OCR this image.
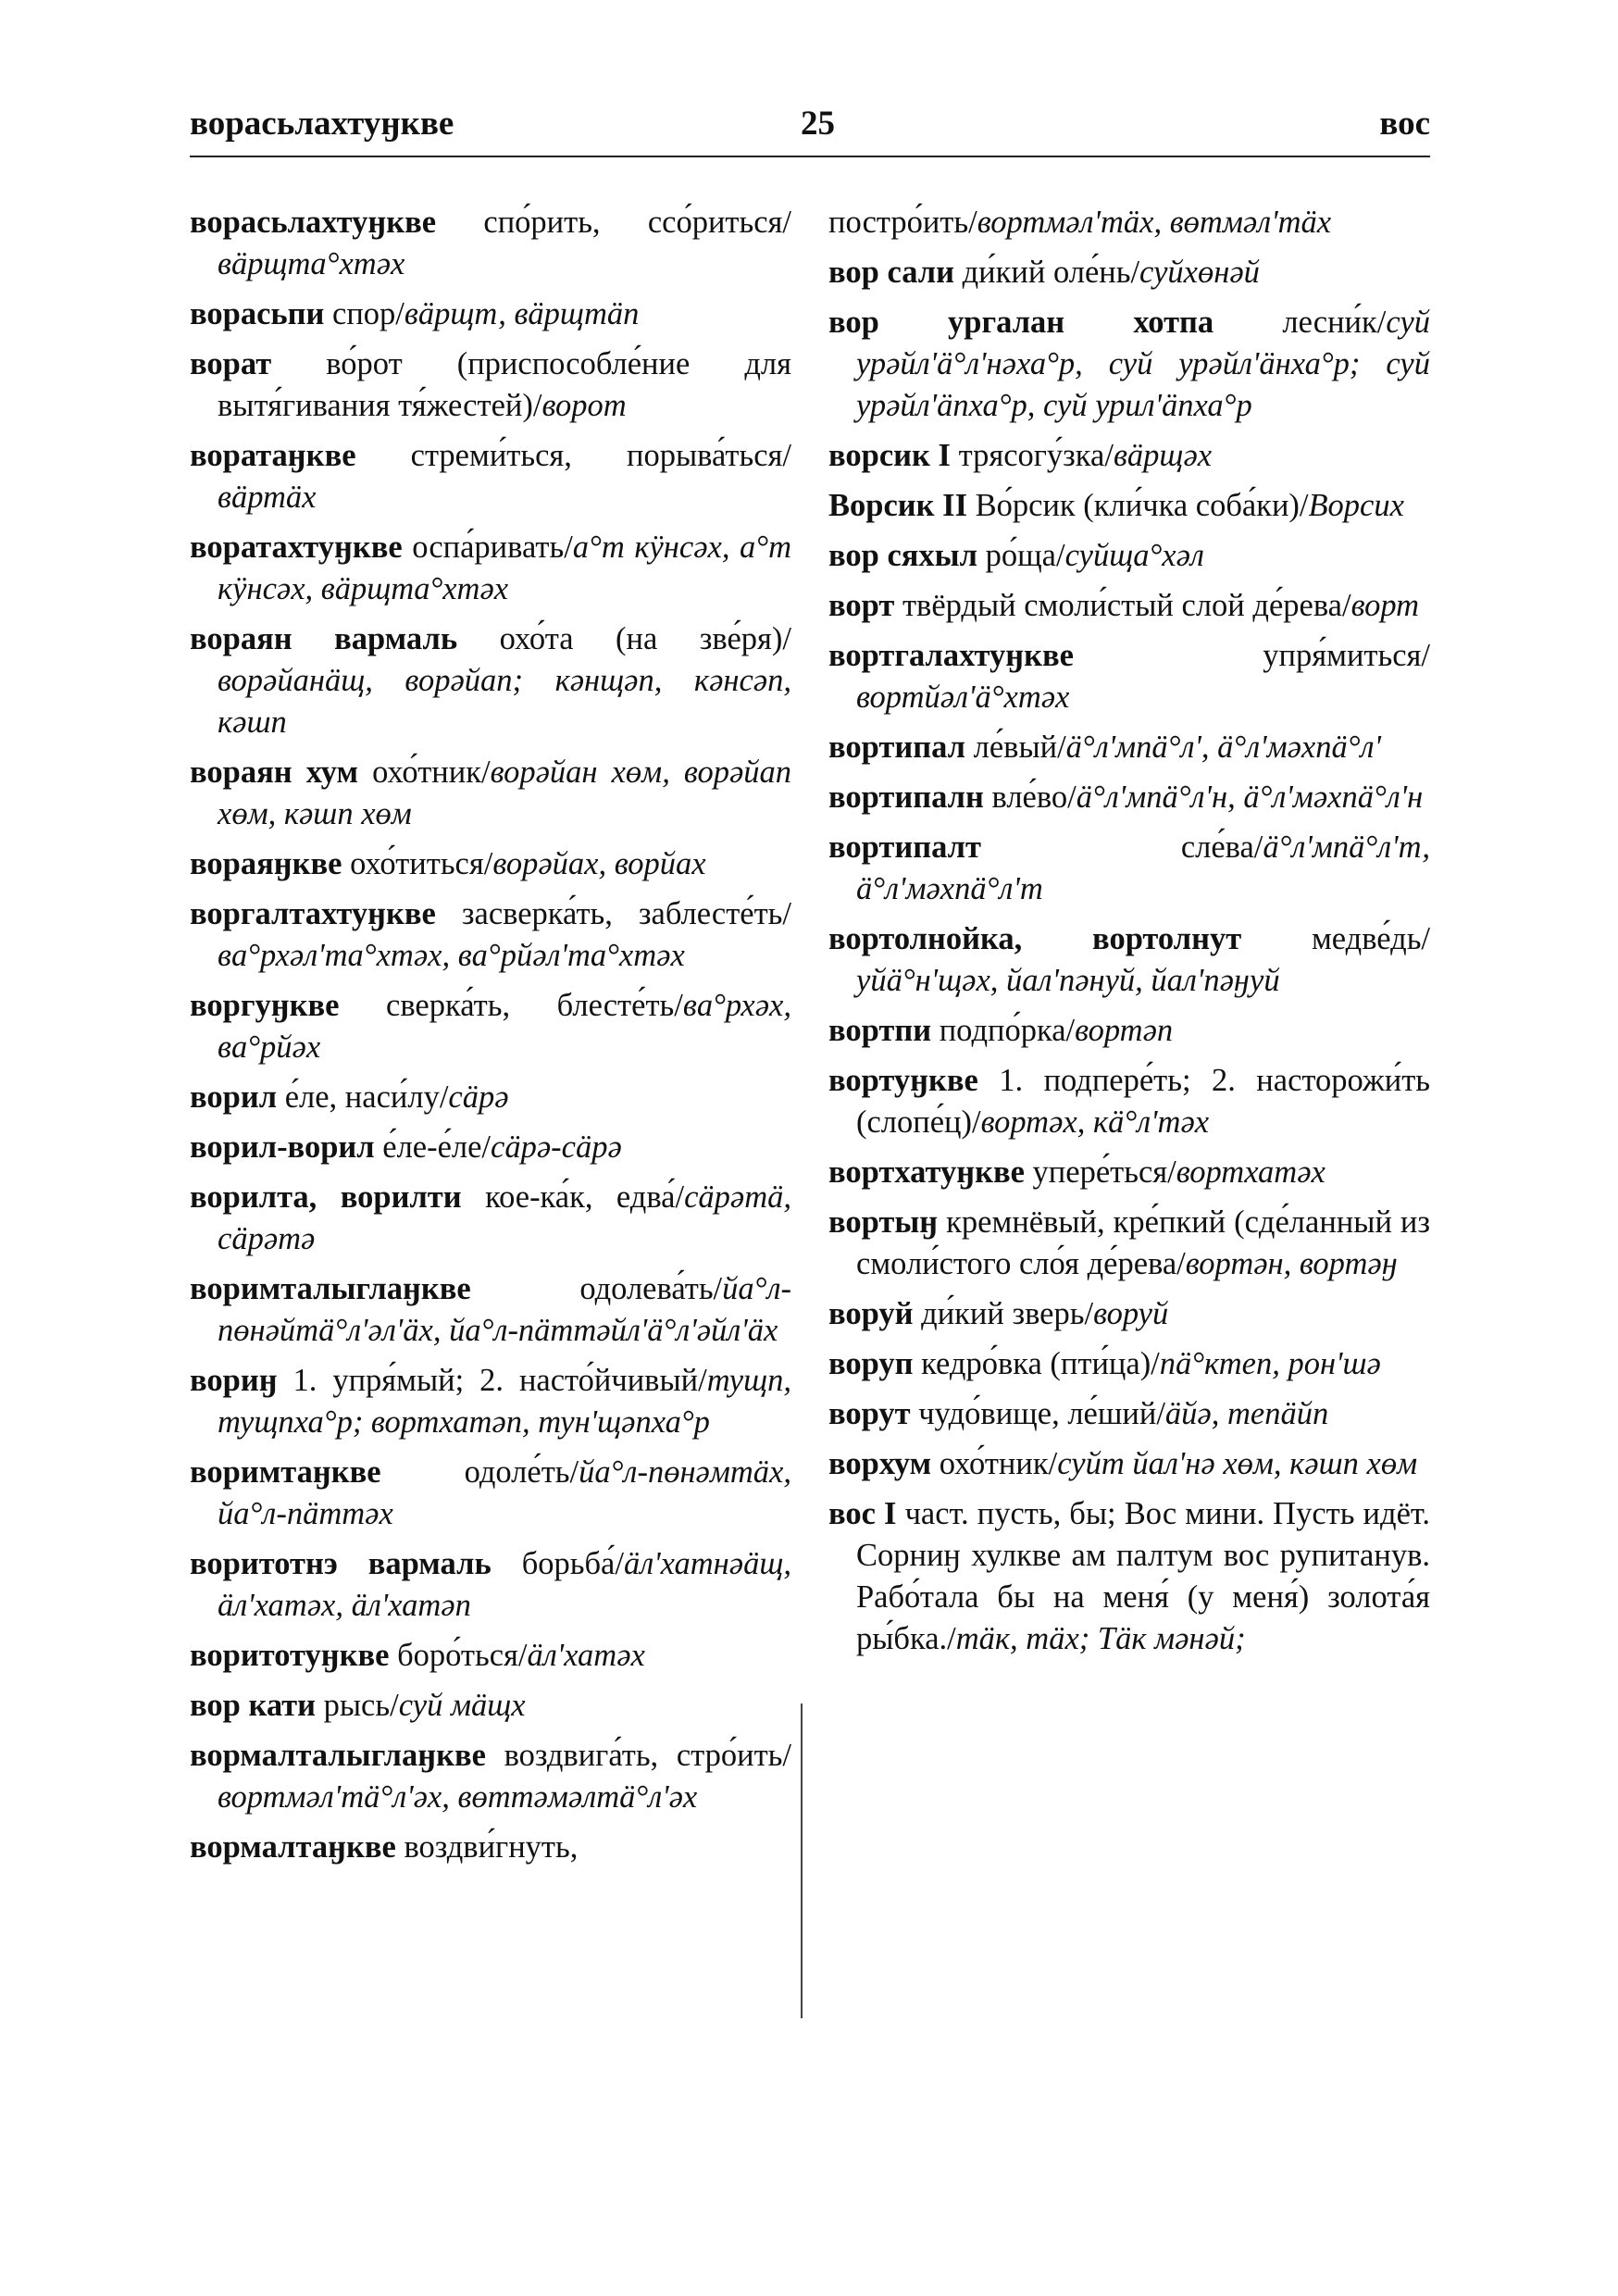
ворасьлахтуӈкве	25	вос
ворасьлахтуӈкве спо́рить, ссо́риться/вäрщтa°хтəх
ворасьпи спор/вäрщт, вäрщтäп
ворат во́рот (приспособле́ние для вытя́гивания тя́жестей)/ворот
воратаӈкве стреми́ться, порыва́ться/вäртäх
воратахтуӈкве оспа́ривать/a°т кÿнсəх, a°т кÿнсəх, вäрщтa°хтəх
вораян вармаль охо́та (на зве́ря)/ворəйанäщ, ворəйап; кəнщəп, кəнсəп, кəшп
вораян хум охо́тник/ворəйан хөм, ворəйап хөм, кəшп хөм
вораяӈкве охо́титься/ворəйах, ворйах
воргалтахтуӈкве засверка́ть, заблесте́ть/вa°рхəл'тa°хтəх, вa°рйəл'тa°хтəх
воргуӈкве сверка́ть, блесте́ть/вa°рхəх, вa°рйəх
ворил е́ле, наси́лу/сäрə
ворил-ворил е́ле-е́ле/сäрə-сäрə
ворилта, ворилти кое-ка́к, едва́/сäрəтä, сäрəтə
воримталыглаӈкве	одолева́ть/йа°л-пөнəйтä°л'əл'äх, йа°л-пäттəйл'ä°л'əйл'äх
вориӈ 1. упря́мый; 2. насто́йчивый/тущп, тущпха°р; вортхатəп, тун'щəпха°р
воримтаӈкве	одоле́ть/йа°л-пөнəмтäх, йа°л-пäттəх
воритотнэ вармаль борьба́/äл'хатнəäщ, äл'хатəх, äл'хатəп
воритотуӈкве боро́ться/äл'хатəх
вор кати рысь/суй мäщх
вормалталыглаӈкве воздвига́ть, стро́ить/вортмəл'тä°л'əх, вөттəмəлтä°л'əх
вормалтаӈкве воздви́гнуть,
постро́ить/вортмəл'тäх, вөтмəл'тäх
вор сали ди́кий оле́нь/суйхөнəй
вор ургалан хотпа лесни́к/суй урəйл'ä°л'нəха°р, суй урəйл'äнха°р; суй урəйл'äпха°р, суй урил'äпха°р
ворсик I трясогу́зка/вäрщəх
Ворсик II Во́рсик (кли́чка соба́ки)/Ворсих
вор сяхыл ро́ща/суйщa°хəл
ворт твёрдый смоли́стый слой де́рева/ворт
вортгалахтуӈкве	упря́миться/вортйəл'ä°хтəх
вортипал ле́вый/ä°л'мпä°л', ä°л'мəхпä°л'
вортипалн вле́во/ä°л'мпä°л'н, ä°л'мəхпä°л'н
вортипалт	сле́ва/ä°л'мпä°л'т, ä°л'мəхпä°л'т
вортолнойка, вортолнут медве́дь/уйä°н'щəх, йал'пəнуй, йал'пəӈуй
вортпи подпо́рка/вортəп
вортуӈкве 1. подпере́ть; 2. насторожи́ть (слопе́ц)/вортəх, кä°л'тəх
вортхатуӈкве упере́ться/вортхатəх
вортыӈ кремнёвый, кре́пкий (сде́ланный из смоли́стого сло́я де́рева/вортəн, вортəӈ
воруй ди́кий зверь/воруй
воруп кедро́вка (пти́ца)/пä°ктеп, рон'шə
ворут чудо́вище, ле́ший/äйə, тепäйп
ворхум охо́тник/суйт йал'нə хөм, кəшп хөм
вос I част. пусть, бы; Вос мини. Пусть идёт. Сорниӈ хулкве ам палтум вос рупитанув. Рабо́тала бы на меня́ (у меня́) золота́я ры́бка./тäк, тäх; Тäк мəнəй;
